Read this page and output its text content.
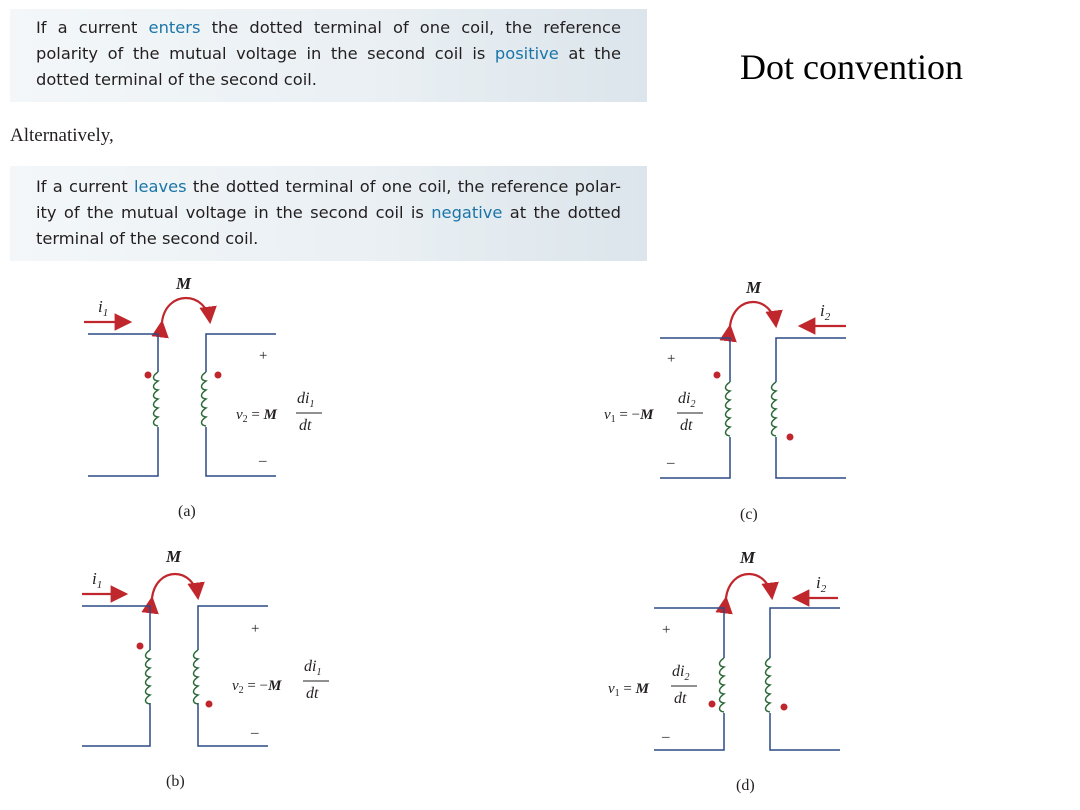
If a current enters the dotted terminal of one coil, the reference polarity of the mutual voltage in the second coil is positive at the dotted terminal of the second coil.
Alternatively,
If a current leaves the dotted terminal of one coil, the reference polar-ity of the mutual voltage in the second coil is negative at the dotted terminal of the second coil.
Dot convention
M
$i_1$
+
–
$v_2 = M$
$di_1$
dt
(a)
M
$i_2$
+
–
$v_1 = -M$
$di_2$
dt
(c)
M
$i_1$
+
–
$v_2 = -M$
$di_1$
dt
(b)
M
$i_2$
+
–
$v_1 = M$
$di_2$
dt
(d)
